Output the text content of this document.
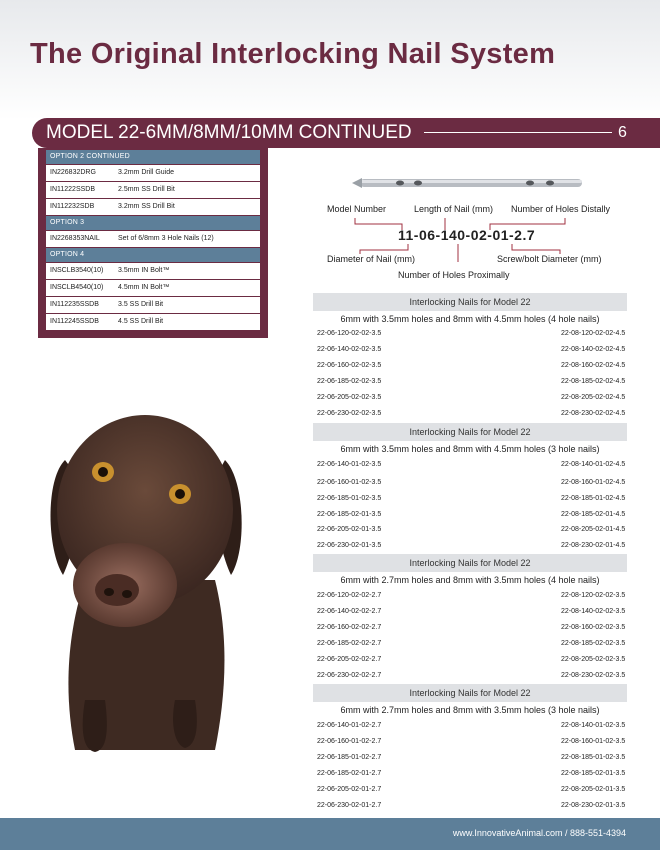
The Original Interlocking Nail System
MODEL 22-6MM/8MM/10MM CONTINUED	6
OPTION 2 CONTINUED
IN226832DRG	3.2mm Drill Guide
IN11222SSDB	2.5mm SS Drill Bit
IN112232SDB	3.2mm SS Drill Bit
OPTION 3
IN2268353NAIL	Set of 6/8mm 3 Hole Nails (12)
OPTION 4
INSCLB3540(10) 3.5mm IN Bolt™
INSCLB4540(10) 4.5mm IN Bolt™
IN112235SSDB	3.5 SS Drill Bit
IN112245SSDB	4.5 SS Drill Bit
Model Number	Length of Nail (mm) Number of Holes Distally
11-06-140-02-01-2.7
Diameter of Nail (mm)	Screw/bolt Diameter (mm)
Number of Holes Proximally
Interlocking Nails for Model 22
6mm with 3.5mm holes and 8mm with 4.5mm holes (4 hole nails)
22-06-120-02-02-3.5	22-08-120-02-02-4.5
22-06-140-02-02-3.5	22-08-140-02-02-4.5
22-06-160-02-02-3.5	22-08-160-02-02-4.5
22-06-185-02-02-3.5	22-08-185-02-02-4.5
22-06-205-02-02-3.5	22-08-205-02-02-4.5
22-06-230-02-02-3.5	22-08-230-02-02-4.5
Interlocking Nails for Model 22
6mm with 3.5mm holes and 8mm with 4.5mm holes (3 hole nails)
22-06-140-01-02-3.5	22-08-140-01-02-4.5
22-06-160-01-02-3.5	22-08-160-01-02-4.5
22-06-185-01-02-3.5	22-08-185-01-02-4.5
22-06-185-02-01-3.5	22-08-185-02-01-4.5
22-06-205-02-01-3.5	22-08-205-02-01-4.5
22-06-230-02-01-3.5	22-08-230-02-01-4.5
Interlocking Nails for Model 22
6mm with 2.7mm holes and 8mm with 3.5mm holes (4 hole nails)
22-06-120-02-02-2.7	22-08-120-02-02-3.5
22-06-140-02-02-2.7	22-08-140-02-02-3.5
22-06-160-02-02-2.7	22-08-160-02-02-3.5
22-06-185-02-02-2.7	22-08-185-02-02-3.5
22-06-205-02-02-2.7	22-08-205-02-02-3.5
22-06-230-02-02-2.7	22-08-230-02-02-3.5
Interlocking Nails for Model 22
6mm with 2.7mm holes and 8mm with 3.5mm holes (3 hole nails)
22-06-140-01-02-2.7	22-08-140-01-02-3.5
22-06-160-01-02-2.7	22-08-160-01-02-3.5
22-06-185-01-02-2.7	22-08-185-01-02-3.5
22-06-185-02-01-2.7	22-08-185-02-01-3.5
22-06-205-02-01-2.7	22-08-205-02-01-3.5
22-06-230-02-01-2.7	22-08-230-02-01-3.5
www.InnovativeAnimal.com / 888-551-4394
